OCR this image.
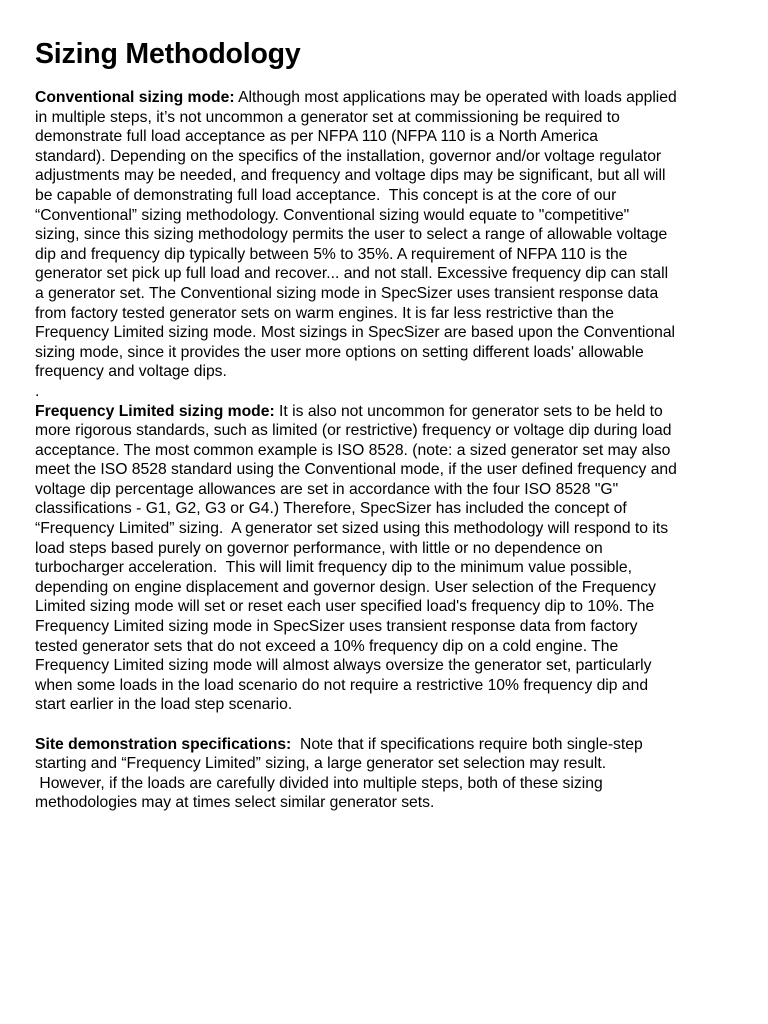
Sizing Methodology
Conventional sizing mode: Although most applications may be operated with loads applied
in multiple steps, it’s not uncommon a generator set at commissioning be required to
demonstrate full load acceptance as per NFPA 110 (NFPA 110 is a North America
standard). Depending on the specifics of the installation, governor and/or voltage regulator
adjustments may be needed, and frequency and voltage dips may be significant, but all will
be capable of demonstrating full load acceptance.  This concept is at the core of our
“Conventional” sizing methodology. Conventional sizing would equate to "competitive"
sizing, since this sizing methodology permits the user to select a range of allowable voltage
dip and frequency dip typically between 5% to 35%. A requirement of NFPA 110 is the
generator set pick up full load and recover... and not stall. Excessive frequency dip can stall
a generator set. The Conventional sizing mode in SpecSizer uses transient response data
from factory tested generator sets on warm engines. It is far less restrictive than the
Frequency Limited sizing mode. Most sizings in SpecSizer are based upon the Conventional
sizing mode, since it provides the user more options on setting different loads' allowable
frequency and voltage dips.
.
Frequency Limited sizing mode: It is also not uncommon for generator sets to be held to
more rigorous standards, such as limited (or restrictive) frequency or voltage dip during load
acceptance. The most common example is ISO 8528. (note: a sized generator set may also
meet the ISO 8528 standard using the Conventional mode, if the user defined frequency and
voltage dip percentage allowances are set in accordance with the four ISO 8528 "G"
classifications - G1, G2, G3 or G4.) Therefore, SpecSizer has included the concept of
“Frequency Limited” sizing.  A generator set sized using this methodology will respond to its
load steps based purely on governor performance, with little or no dependence on
turbocharger acceleration.  This will limit frequency dip to the minimum value possible,
depending on engine displacement and governor design. User selection of the Frequency
Limited sizing mode will set or reset each user specified load's frequency dip to 10%. The
Frequency Limited sizing mode in SpecSizer uses transient response data from factory
tested generator sets that do not exceed a 10% frequency dip on a cold engine. The
Frequency Limited sizing mode will almost always oversize the generator set, particularly
when some loads in the load scenario do not require a restrictive 10% frequency dip and
start earlier in the load step scenario.
Site demonstration specifications:  Note that if specifications require both single-step
starting and “Frequency Limited” sizing, a large generator set selection may result.
However, if the loads are carefully divided into multiple steps, both of these sizing
methodologies may at times select similar generator sets.
